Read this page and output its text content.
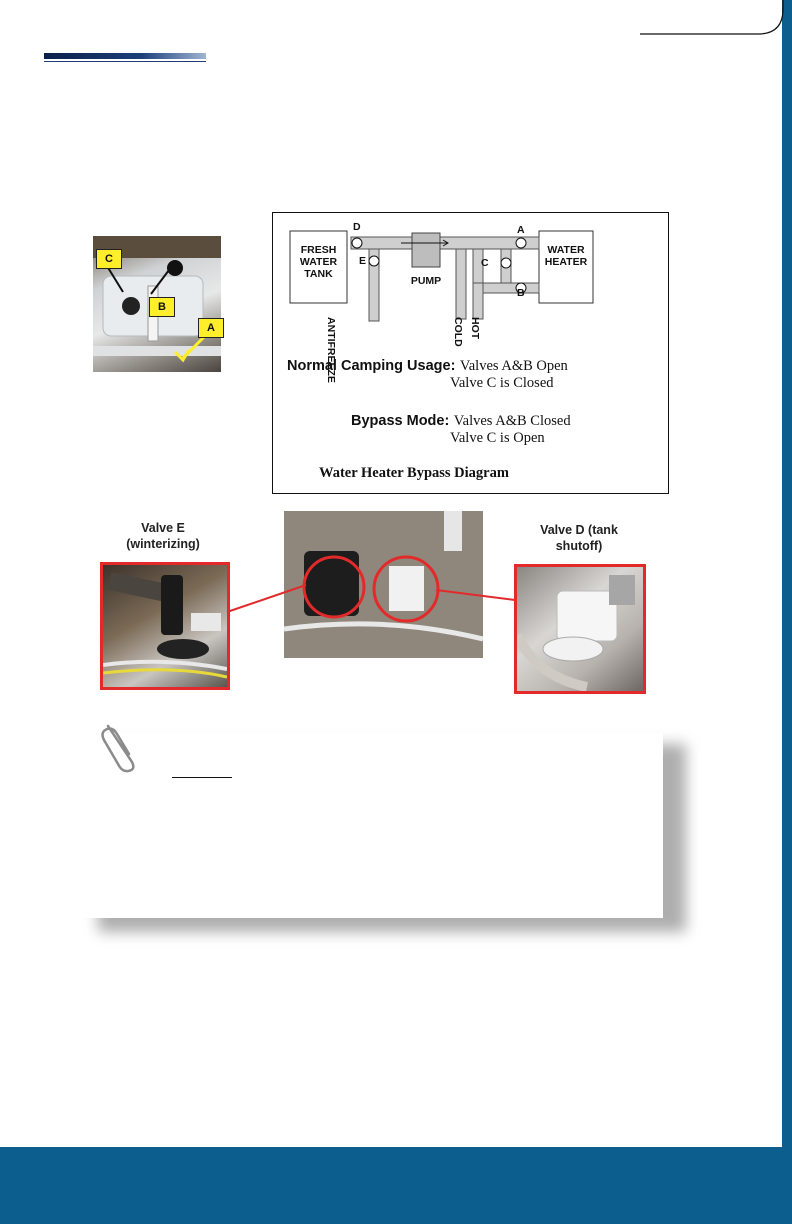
C
B
A
FRESH
WATER
TANK
WATER
HEATER
PUMP
D
E	C
A
B
ANTIFREEZE	COLD HOT
Normal Camping Usage: Valves A&B Open
Valve C is Closed
Bypass Mode: Valves A&B Closed
Valve C is Open
Water Heater Bypass Diagram
Valve E
(winterizing)
Valve D (tank
shutoff)
